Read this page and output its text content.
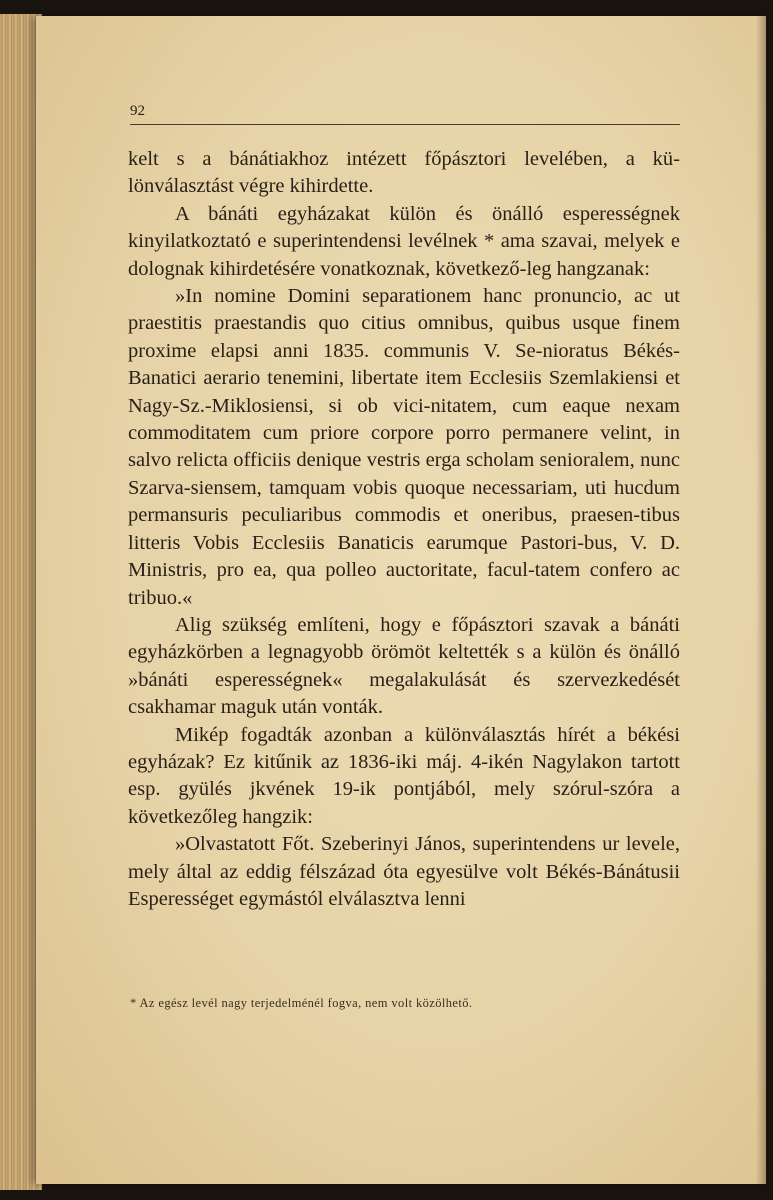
92

kelt s a bánátiakhoz intézett főpásztori levelében, a kü-lönválasztást végre kihirdette.

A bánáti egyházakat külön és önálló esperességnek kinyilatkoztató e superintendensi levélnek * ama szavai, melyek e dolognak kihirdetésére vonatkoznak, következő-leg hangzanak:

»In nomine Domini separationem hanc pronuncio, ac ut praestitis praestandis quo citius omnibus, quibus usque finem proxime elapsi anni 1835. communis V. Se-nioratus Békés-Banatici aerario tenemini, libertate item Ecclesiis Szemlakiensi et Nagy-Sz.-Miklosiensi, si ob vici-nitatem, cum eaque nexam commoditatem cum priore corpore porro permanere velint, in salvo relicta officiis denique vestris erga scholam senioralem, nunc Szarva-siensem, tamquam vobis quoque necessariam, uti hucdum permansuris peculiaribus commodis et oneribus, praesen-tibus litteris Vobis Ecclesiis Banaticis earumque Pastori-bus, V. D. Ministris, pro ea, qua polleo auctoritate, facul-tatem confero ac tribuo.«

Alig szükség említeni, hogy e főpásztori szavak a bánáti egyházkörben a legnagyobb örömöt keltették s a külön és önálló »bánáti esperességnek« megalakulását és szervezkedését csakhamar maguk után vonták.

Mikép fogadták azonban a különválasztás hírét a békési egyházak? Ez kitűnik az 1836-iki máj. 4-ikén Nagylakon tartott esp. gyülés jkvének 19-ik pontjából, mely szórul-szóra a következőleg hangzik:

»Olvastatott Főt. Szeberinyi János, superintendens ur levele, mely által az eddig félszázad óta egyesülve volt Békés-Bánátusii Esperességet egymástól elválasztva lenni

* Az egész levél nagy terjedelménél fogva, nem volt közölhető.
